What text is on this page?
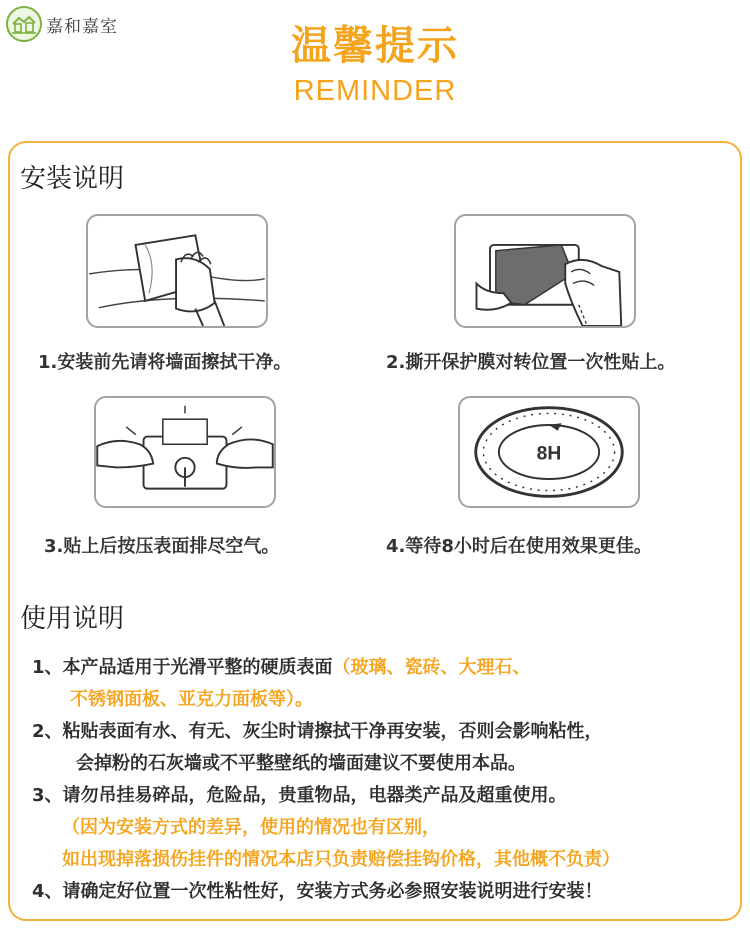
嘉和嘉室	温馨提示
REMINDER
安装说明
1.安装前先请将墙面擦拭干净。	2.撕开保护膜对转位置一次性贴上。
3.贴上后按压表面排尽空气。
8H
4.等待8小时后在使用效果更佳。
使用说明
1、本产品适用于光滑平整的硬质表面（玻璃、瓷砖、大理石、
不锈钢面板、亚克力面板等）。
2、粘贴表面有水、有无、灰尘时请擦拭干净再安装，否则会影响粘性，
会掉粉的石灰墙或不平整壁纸的墙面建议不要使用本品。
3、请勿吊挂易碎品，危险品，贵重物品，电器类产品及超重使用。
（因为安装方式的差异，使用的情况也有区别，
如出现掉落损伤挂件的情况本店只负责赔偿挂钩价格，其他概不负责）
4、请确定好位置一次性粘性好，安装方式务必参照安装说明进行安装！
